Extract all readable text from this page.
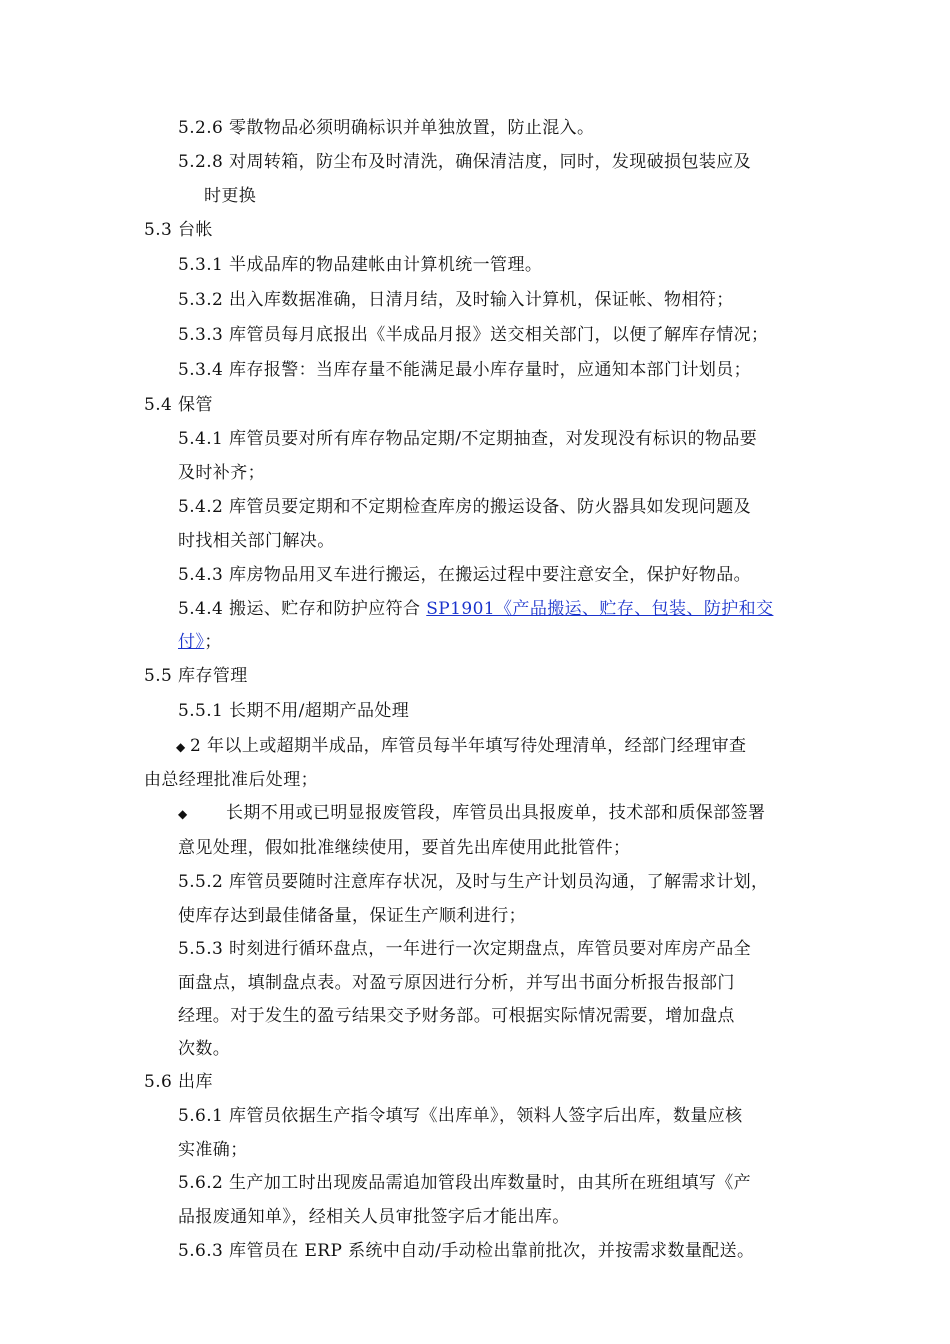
5.2.6 零散物品必须明确标识并单独放置，防止混入。
5.2.8 对周转箱，防尘布及时清洗，确保清洁度，同时，发现破损包装应及
时更换
5.3 台帐
5.3.1 半成品库的物品建帐由计算机统一管理。
5.3.2 出入库数据准确，日清月结，及时输入计算机，保证帐、物相符；
5.3.3 库管员每月底报出《半成品月报》送交相关部门，以便了解库存情况；
5.3.4 库存报警：当库存量不能满足最小库存量时，应通知本部门计划员；
5.4 保管
5.4.1 库管员要对所有库存物品定期/不定期抽查，对发现没有标识的物品要
及时补齐；
5.4.2 库管员要定期和不定期检查库房的搬运设备、防火器具如发现问题及
时找相关部门解决。
5.4.3 库房物品用叉车进行搬运，在搬运过程中要注意安全，保护好物品。
5.4.4 搬运、贮存和防护应符合 SP1901《产品搬运、贮存、包装、防护和交
付》；
5.5 库存管理
5.5.1 长期不用/超期产品处理
◆ 2 年以上或超期半成品，库管员每半年填写待处理清单，经部门经理审查
由总经理批准后处理；
◆ 长期不用或已明显报废管段，库管员出具报废单，技术部和质保部签署
意见处理，假如批准继续使用，要首先出库使用此批管件；
5.5.2 库管员要随时注意库存状况，及时与生产计划员沟通，了解需求计划，
使库存达到最佳储备量，保证生产顺利进行；
5.5.3 时刻进行循环盘点，一年进行一次定期盘点，库管员要对库房产品全
面盘点，填制盘点表。对盈亏原因进行分析，并写出书面分析报告报部门
经理。对于发生的盈亏结果交予财务部。可根据实际情况需要，增加盘点
次数。
5.6 出库
5.6.1 库管员依据生产指令填写《出库单》，领料人签字后出库，数量应核
实准确；
5.6.2 生产加工时出现废品需追加管段出库数量时，由其所在班组填写《产
品报废通知单》，经相关人员审批签字后才能出库。
5.6.3 库管员在 ERP 系统中自动/手动检出靠前批次，并按需求数量配送。
